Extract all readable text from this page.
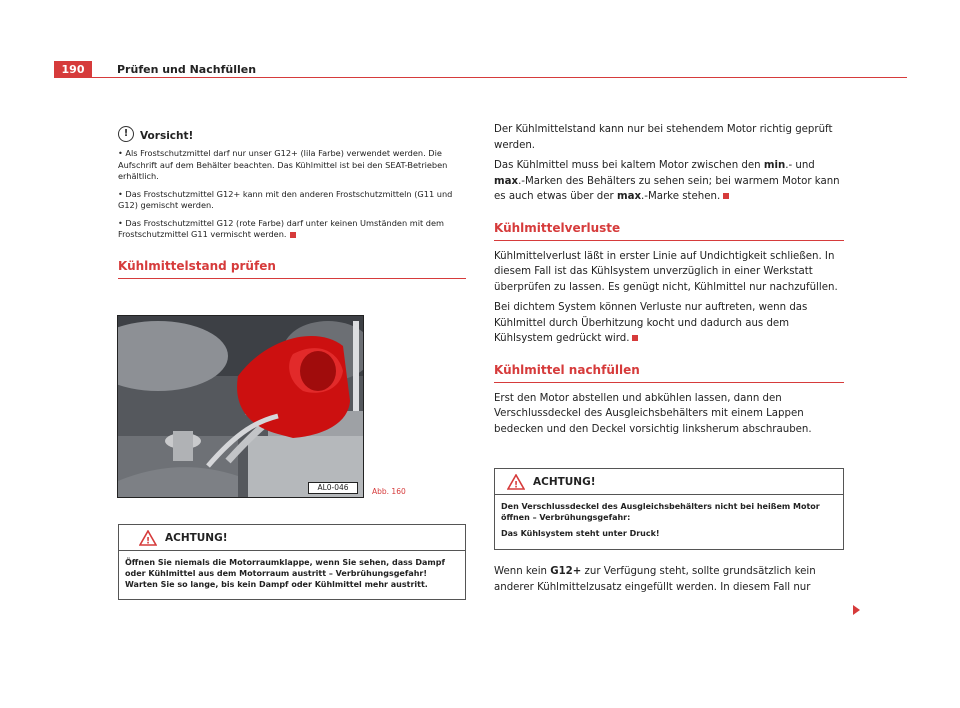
190	Prüfen und Nachfüllen
!	Vorsicht!

• Als Frostschutzmittel darf nur unser G12+ (lila Farbe) verwendet werden. Die Aufschrift auf dem Behälter beachten. Das Kühlmittel ist bei den SEAT-Betrieben erhältlich.

• Das Frostschutzmittel G12+ kann mit den anderen Frostschutzmitteln (G11 und G12) gemischt werden.

• Das Frostschutzmittel G12 (rote Farbe) darf unter keinen Umständen mit dem Frostschutzmittel G11 vermischt werden.

Kühlmittelstand prüfen
AL0-046	Abb. 160
! ACHTUNG!

Öffnen Sie niemals die Motorraumklappe, wenn Sie sehen, dass Dampf oder Kühlmittel aus dem Motorraum austritt – Verbrühungsgefahr! Warten Sie so lange, bis kein Dampf oder Kühlmittel mehr austritt.

Der Kühlmittelstand kann nur bei stehendem Motor richtig geprüft werden.

Das Kühlmittel muss bei kaltem Motor zwischen den min.- und max.-Marken des Behälters zu sehen sein; bei warmem Motor kann es auch etwas über der max.-Marke stehen.

Kühlmittelverluste

Kühlmittelverlust läßt in erster Linie auf Undichtigkeit schließen. In diesem Fall ist das Kühlsystem unverzüglich in einer Werkstatt überprüfen zu lassen. Es genügt nicht, Kühlmittel nur nachzufüllen.

Bei dichtem System können Verluste nur auftreten, wenn das Kühlmittel durch Überhitzung kocht und dadurch aus dem Kühlsystem gedrückt wird.

Kühlmittel nachfüllen

Erst den Motor abstellen und abkühlen lassen, dann den Verschlussdeckel des Ausgleichsbehälters mit einem Lappen bedecken und den Deckel vorsichtig linksherum abschrauben.

! ACHTUNG!

Den Verschlussdeckel des Ausgleichsbehälters nicht bei heißem Motor öffnen – Verbrühungsgefahr:

Das Kühlsystem steht unter Druck!

Wenn kein G12+ zur Verfügung steht, sollte grundsätzlich kein anderer Kühlmittelzusatz eingefüllt werden. In diesem Fall nur
